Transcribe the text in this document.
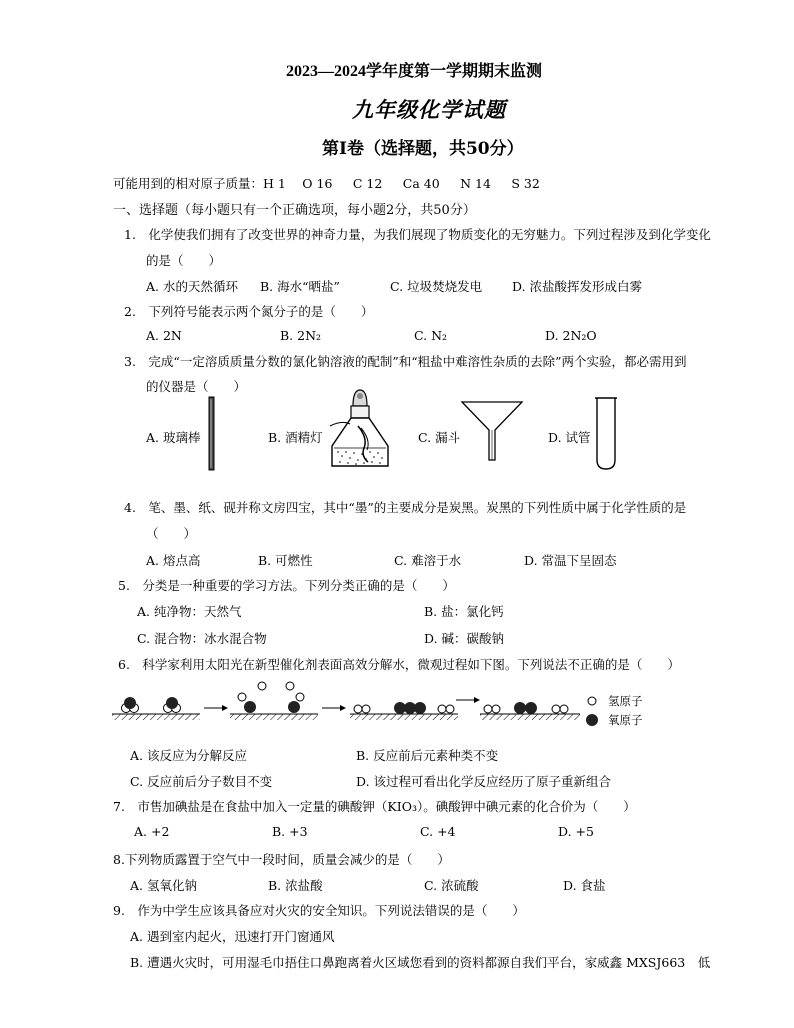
2023—2024学年度第一学期期末监测
九年级化学试题
第Ⅰ卷（选择题，共50分）
可能用到的相对原子质量：H 1　 O 16 　 C 12 　 Ca 40 　 N 14 　 S 32
一、选择题（每小题只有一个正确选项，每小题2分，共50分）
1.　化学使我们拥有了改变世界的神奇力量，为我们展现了物质变化的无穷魅力。下列过程涉及到化学变化
的是（　　）
A. 水的天然循环 B. 海水“晒盐”	C. 垃圾焚烧发电 D. 浓盐酸挥发形成白雾
2.　下列符号能表示两个氮分子的是（　　）
A. 2N	B. 2N₂	C. N₂	D. 2N₂O
3.　完成“一定溶质质量分数的氯化钠溶液的配制”和“粗盐中难溶性杂质的去除”两个实验，都必需用到
的仪器是（　　）
A. 玻璃棒	B. 酒精灯	C. 漏斗	D. 试管
4.　笔、墨、纸、砚并称文房四宝，其中“墨”的主要成分是炭黑。炭黑的下列性质中属于化学性质的是
（　　）
A. 熔点高	B. 可燃性	C. 难溶于水	D. 常温下呈固态
5.　分类是一种重要的学习方法。下列分类正确的是（　　）
A. 纯净物：天然气	B. 盐：氯化钙
C. 混合物：冰水混合物	D. 碱：碳酸钠
6.　科学家利用太阳光在新型催化剂表面高效分解水，微观过程如下图。下列说法不正确的是（　　）
氢原子
氧原子
A. 该反应为分解反应	B. 反应前后元素种类不变
C. 反应前后分子数目不变	D. 该过程可看出化学反应经历了原子重新组合
7.　市售加碘盐是在食盐中加入一定量的碘酸钾（KIO₃）。碘酸钾中碘元素的化合价为（　　）
A. +2	B. +3	C. +4	D. +5
8.下列物质露置于空气中一段时间，质量会减少的是（　　）
A. 氢氧化钠	B. 浓盐酸	C. 浓硫酸	D. 食盐
9.　作为中学生应该具备应对火灾的安全知识。下列说法错误的是（　　）
A. 遇到室内起火，迅速打开门窗通风
B. 遭遇火灾时，可用湿毛巾捂住口鼻跑离着火区域您看到的资料都源自我们平台，家威鑫 MXSJ663　低
